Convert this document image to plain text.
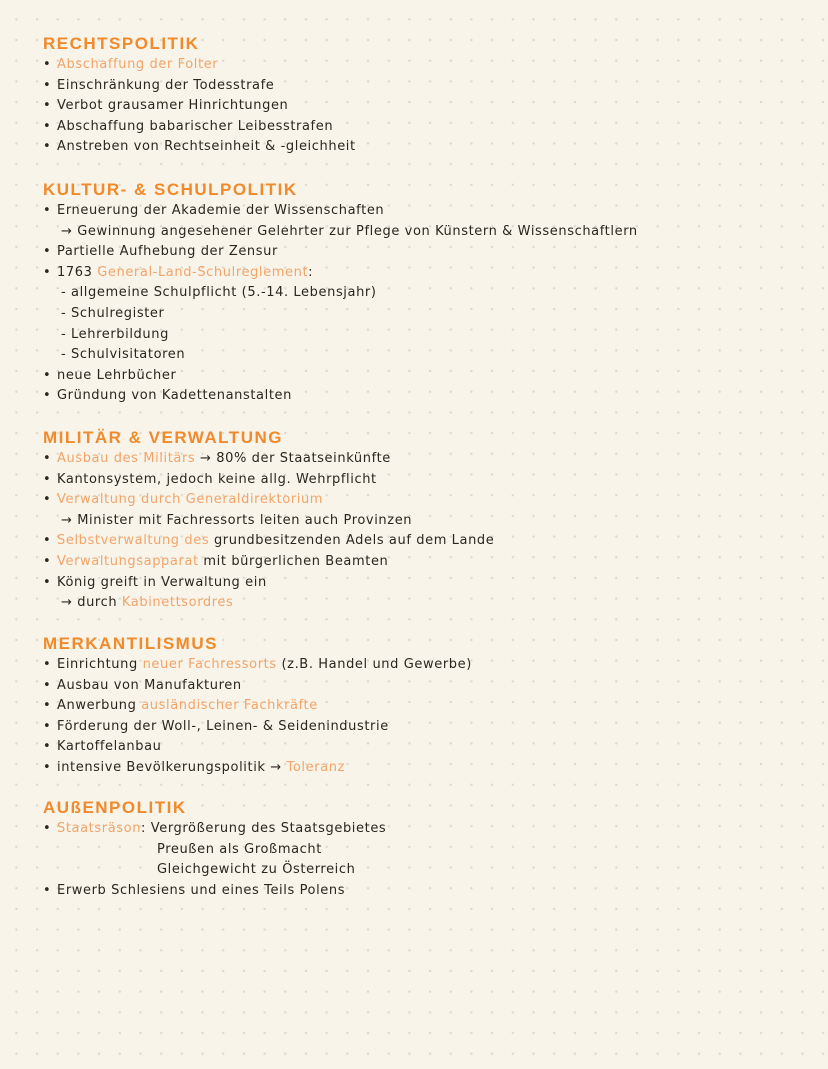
RECHTSPOLITIK
• Abschaffung der Folter
• Einschränkung der Todesstrafe
• Verbot grausamer Hinrichtungen
• Abschaffung babarischer Leibesstrafen
• Anstreben von Rechtseinheit & -gleichheit
KULTUR- & SCHULPOLITIK
• Erneuerung der Akademie der Wissenschaften
→ Gewinnung angesehener Gelehrter zur Pflege von Künstern & Wissenschaftlern
• Partielle Aufhebung der Zensur
• 1763 General-Land-Schulreglement:
- allgemeine Schulpflicht (5.-14. Lebensjahr)
- Schulregister
- Lehrerbildung
- Schulvisitatoren
• neue Lehrbücher
• Gründung von Kadettenanstalten
MILITÄR & VERWALTUNG
• Ausbau des Militärs → 80% der Staatseinkünfte
• Kantonsystem, jedoch keine allg. Wehrpflicht
• Verwaltung durch Generaldirektorium
→ Minister mit Fachressorts leiten auch Provinzen
• Selbstverwaltung des grundbesitzenden Adels auf dem Lande
• Verwaltungsapparat mit bürgerlichen Beamten
• König greift in Verwaltung ein
→ durch Kabinettsordres
MERKANTILISMUS
• Einrichtung neuer Fachressorts (z.B. Handel und Gewerbe)
• Ausbau von Manufakturen
• Anwerbung ausländischer Fachkräfte
• Förderung der Woll-, Leinen- & Seidenindustrie
• Kartoffelanbau
• intensive Bevölkerungspolitik → Toleranz
AUßENPOLITIK
• Staatsräson: Vergrößerung des Staatsgebietes
Preußen als Großmacht
Gleichgewicht zu Österreich
• Erwerb Schlesiens und eines Teils Polens
